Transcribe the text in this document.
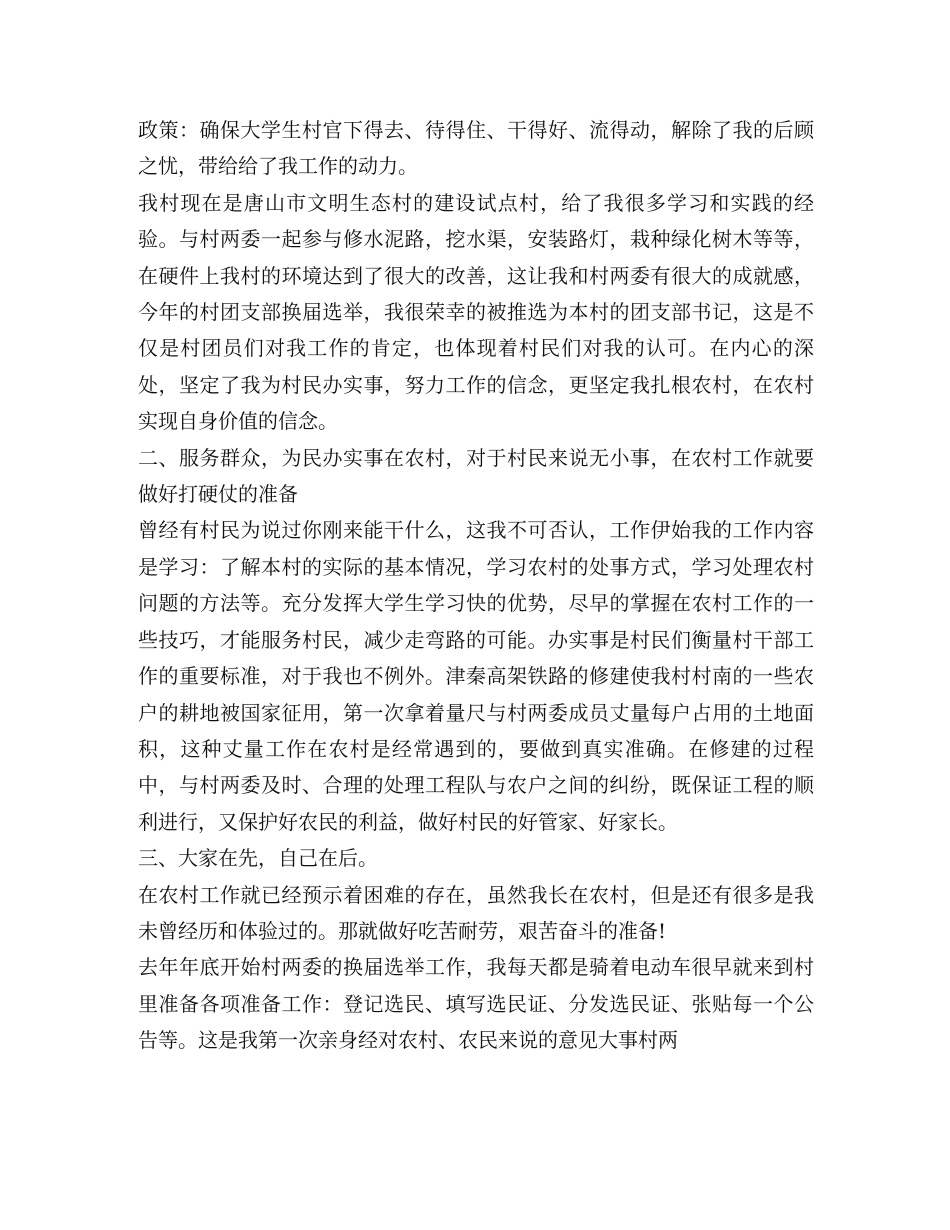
政策：确保大学生村官下得去、待得住、干得好、流得动，解除了我的后顾之忧，带给给了我工作的动力。

我村现在是唐山市文明生态村的建设试点村，给了我很多学习和实践的经验。与村两委一起参与修水泥路，挖水渠，安装路灯，栽种绿化树木等等，在硬件上我村的环境达到了很大的改善，这让我和村两委有很大的成就感，今年的村团支部换届选举，我很荣幸的被推选为本村的团支部书记，这是不仅是村团员们对我工作的肯定，也体现着村民们对我的认可。在内心的深处，坚定了我为村民办实事，努力工作的信念，更坚定我扎根农村，在农村实现自身价值的信念。

二、服务群众，为民办实事在农村，对于村民来说无小事，在农村工作就要做好打硬仗的准备

曾经有村民为说过你刚来能干什么，这我不可否认，工作伊始我的工作内容是学习：了解本村的实际的基本情况，学习农村的处事方式，学习处理农村问题的方法等。充分发挥大学生学习快的优势，尽早的掌握在农村工作的一些技巧，才能服务村民，减少走弯路的可能。办实事是村民们衡量村干部工作的重要标准，对于我也不例外。津秦高架铁路的修建使我村村南的一些农户的耕地被国家征用，第一次拿着量尺与村两委成员丈量每户占用的土地面积，这种丈量工作在农村是经常遇到的，要做到真实准确。在修建的过程中，与村两委及时、合理的处理工程队与农户之间的纠纷，既保证工程的顺利进行，又保护好农民的利益，做好村民的好管家、好家长。

三、大家在先，自己在后。

在农村工作就已经预示着困难的存在，虽然我长在农村，但是还有很多是我未曾经历和体验过的。那就做好吃苦耐劳，艰苦奋斗的准备!

去年年底开始村两委的换届选举工作，我每天都是骑着电动车很早就来到村里准备各项准备工作：登记选民、填写选民证、分发选民证、张贴每一个公告等。这是我第一次亲身经对农村、农民来说的意见大事村两
